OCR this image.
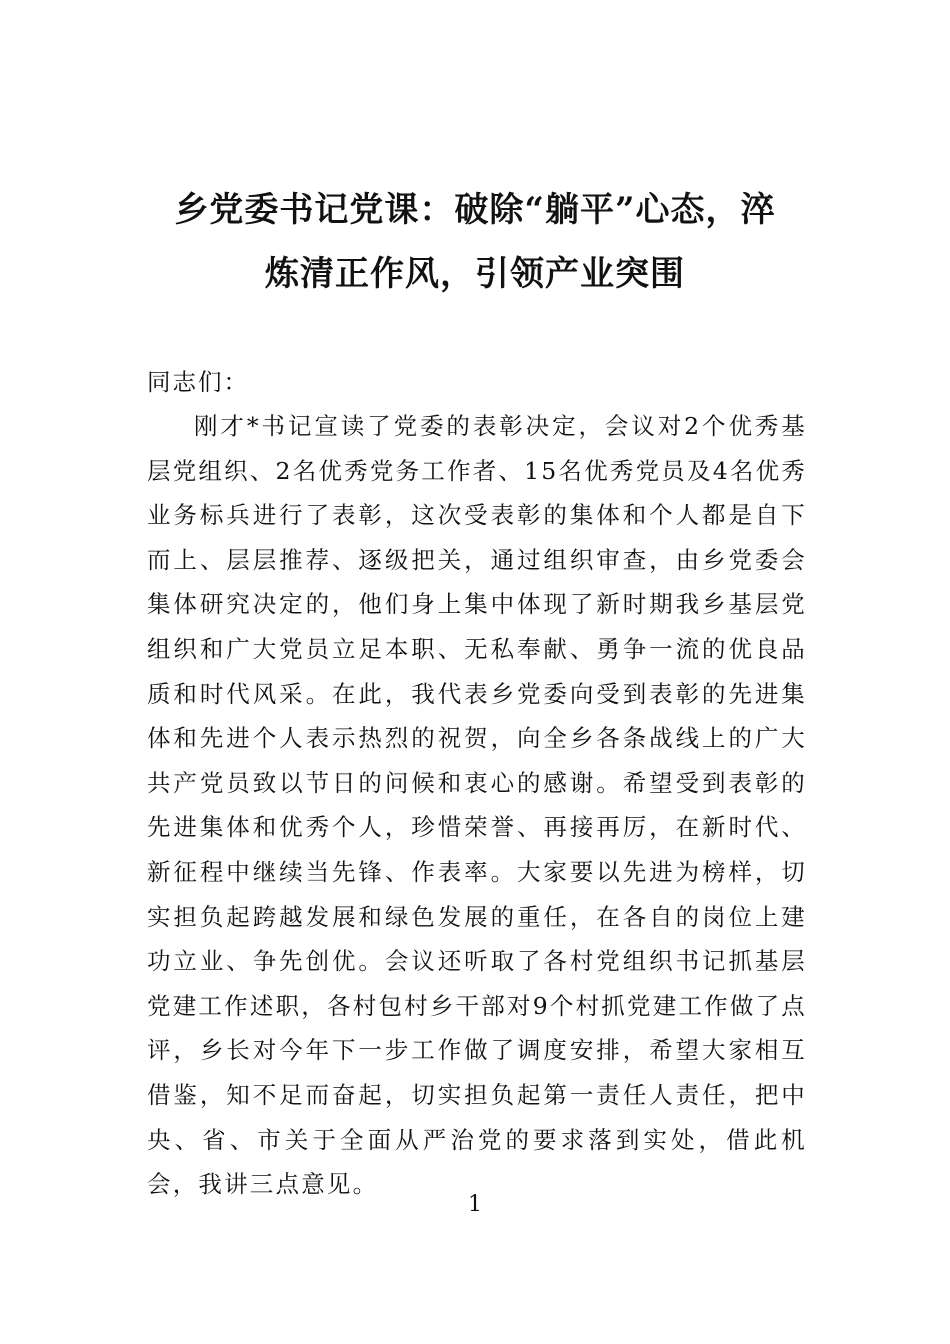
乡党委书记党课：破除“躺平”心态，淬
炼清正作风，引领产业突围

同志们：

刚才*书记宣读了党委的表彰决定，会议对2个优秀基层党组织、2名优秀党务工作者、15名优秀党员及4名优秀业务标兵进行了表彰，这次受表彰的集体和个人都是自下而上、层层推荐、逐级把关，通过组织审查，由乡党委会集体研究决定的，他们身上集中体现了新时期我乡基层党组织和广大党员立足本职、无私奉献、勇争一流的优良品质和时代风采。在此，我代表乡党委向受到表彰的先进集体和先进个人表示热烈的祝贺，向全乡各条战线上的广大共产党员致以节日的问候和衷心的感谢。希望受到表彰的先进集体和优秀个人，珍惜荣誉、再接再厉，在新时代、新征程中继续当先锋、作表率。大家要以先进为榜样，切实担负起跨越发展和绿色发展的重任，在各自的岗位上建功立业、争先创优。会议还听取了各村党组织书记抓基层党建工作述职，各村包村乡干部对9个村抓党建工作做了点评，乡长对今年下一步工作做了调度安排，希望大家相互借鉴，知不足而奋起，切实担负起第一责任人责任，把中央、省、市关于全面从严治党的要求落到实处，借此机会，我讲三点意见。

1
